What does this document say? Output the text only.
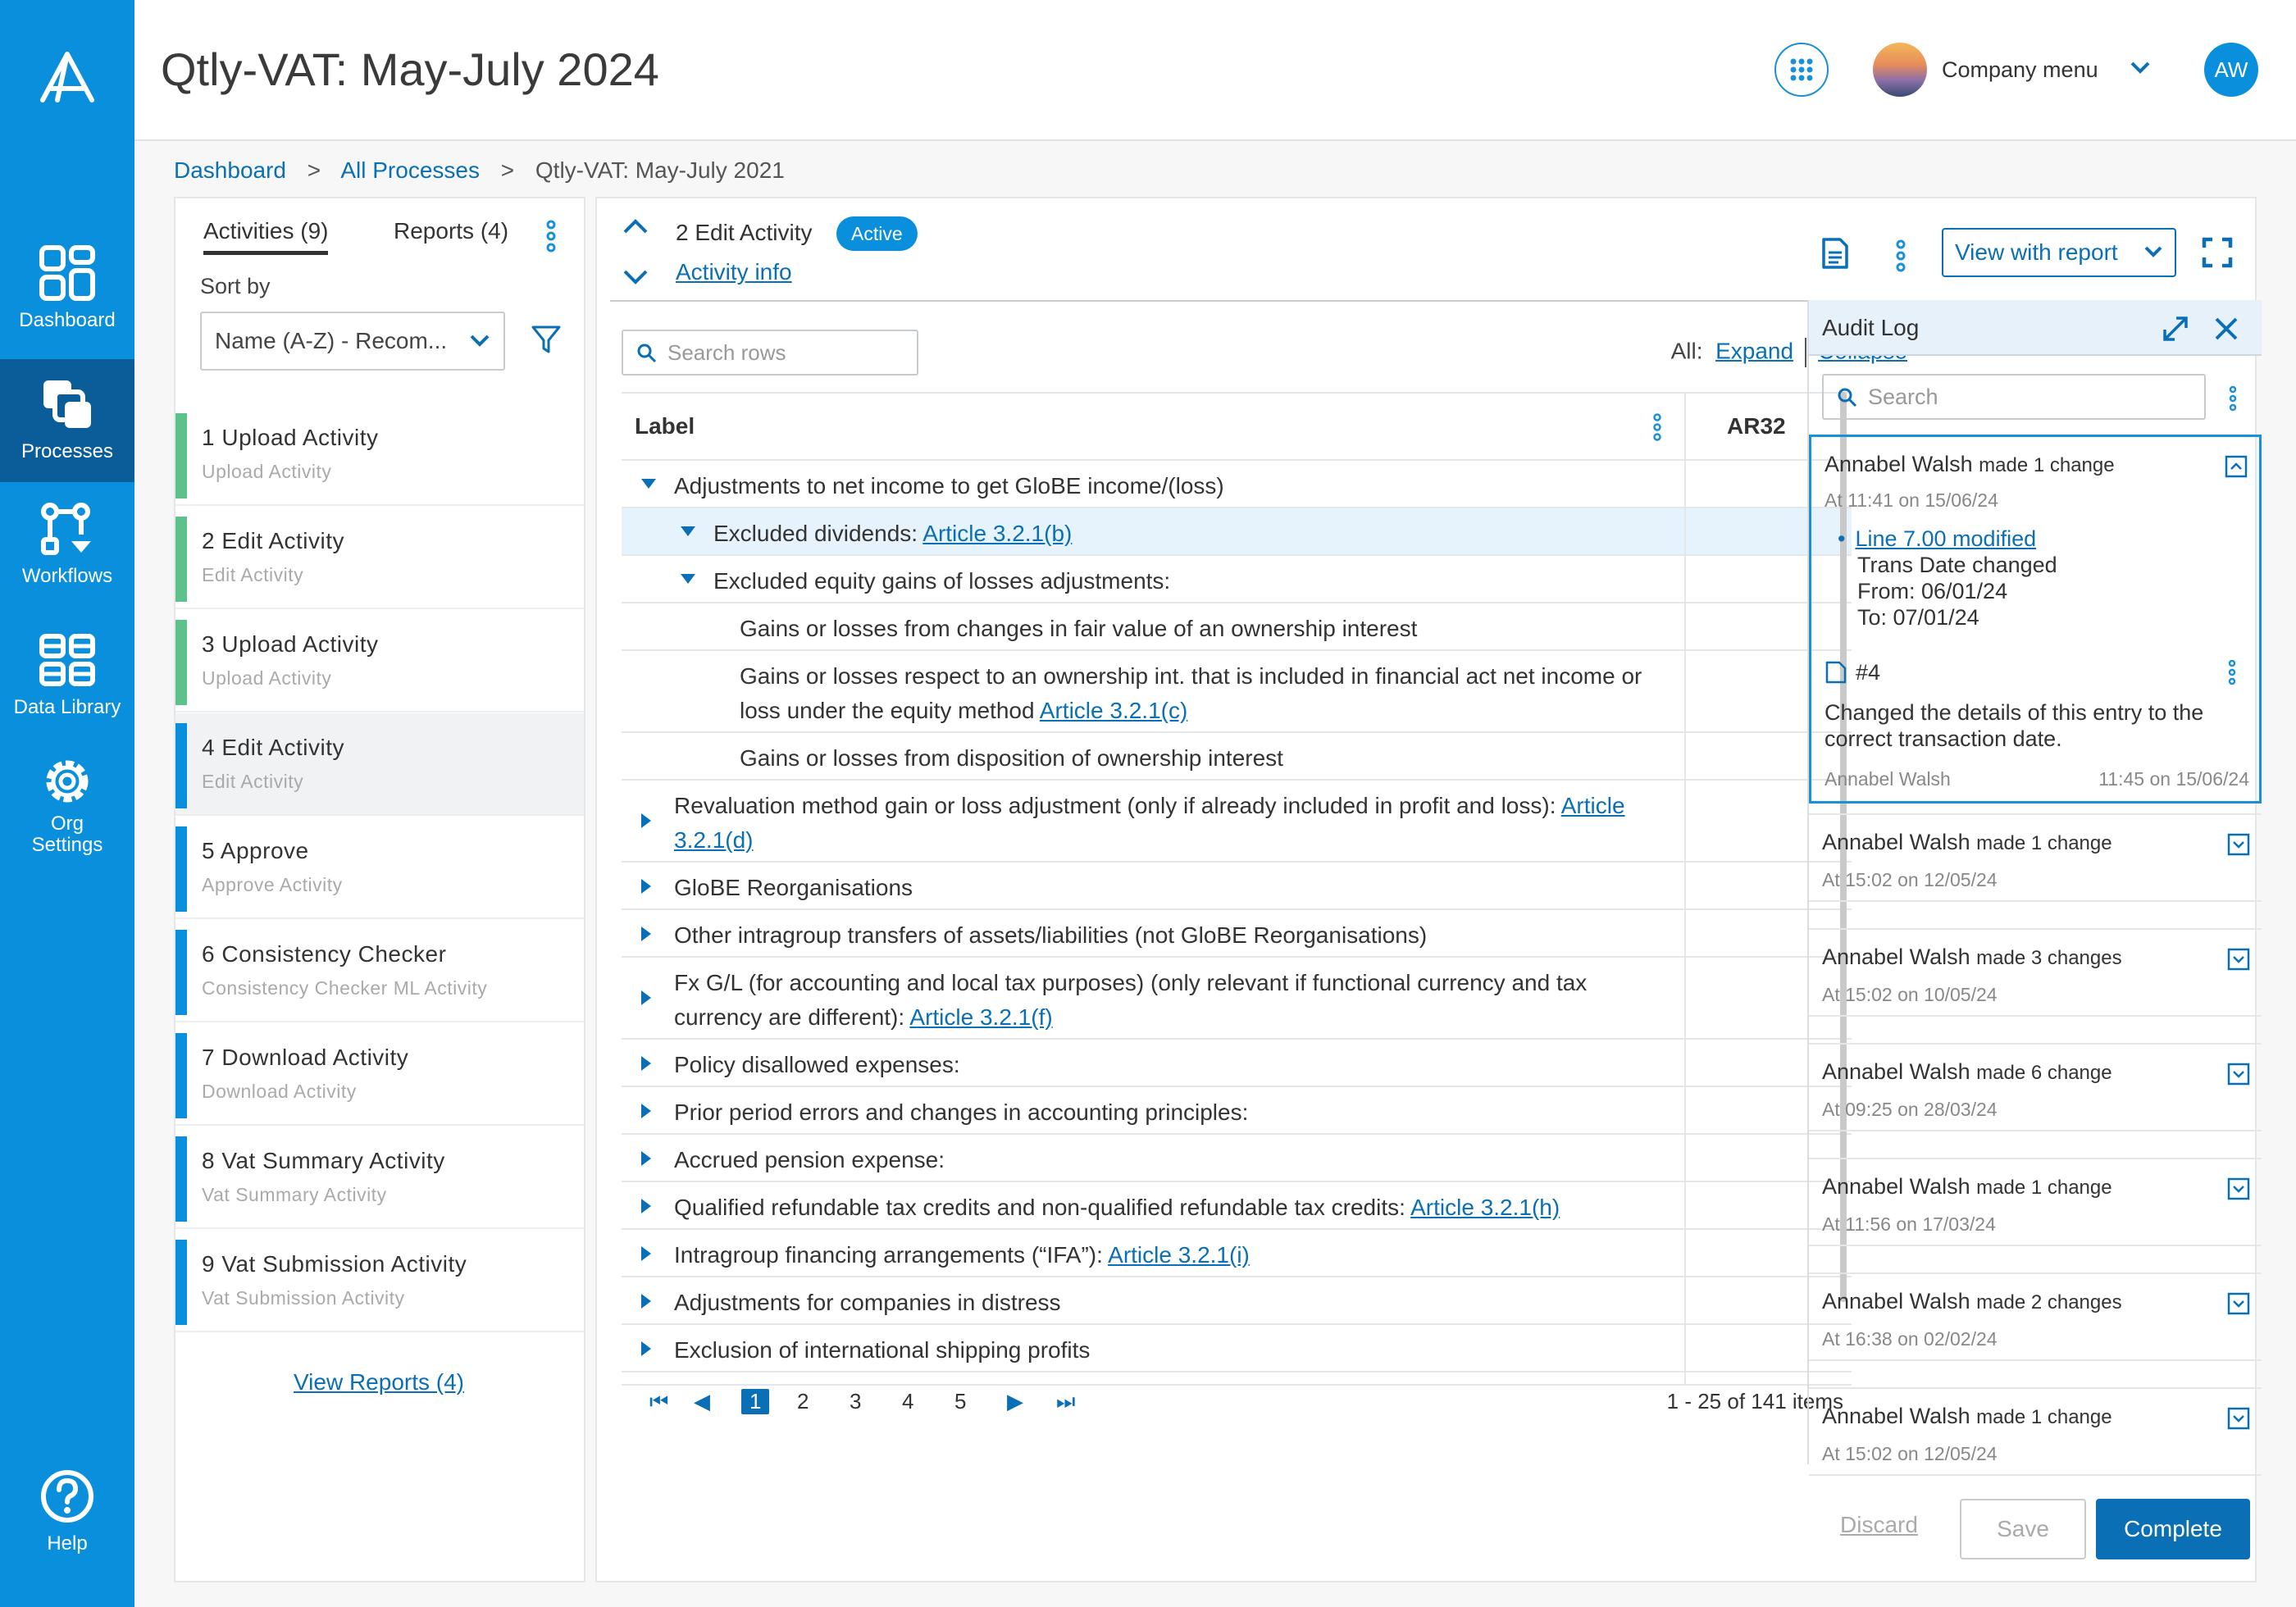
Dashboard
Processes
Workflows
Data Library
Org
Settings
Help
Qtly-VAT: May-July 2024	Company menu	AW
Dashboard > All Processes > Qtly-VAT: May-July 2021
Activities (9)	Reports (4)
Sort by
Name (A-Z) - Recom...
1 Upload Activity
Upload Activity
2 Edit Activity
Edit Activity
3 Upload Activity
Upload Activity
4 Edit Activity
Edit Activity
5 Approve
Approve Activity
6 Consistency Checker
Consistency Checker ML Activity
7 Download Activity
Download Activity
8 Vat Summary Activity
Vat Summary Activity
9 Vat Submission Activity
Vat Submission Activity
View Reports (4)
2 Edit Activity	Active
Activity info
View with report
Search rows	All: Expand
Label	AR32
Adjustments to net income to get GloBE income/(loss)
Excluded dividends: Article 3.2.1(b)
Excluded equity gains of losses adjustments:
Gains or losses from changes in fair value of an ownership interest
Gains or losses respect to an ownership int. that is included in financial act net income or loss under the equity method Article 3.2.1(c)
Gains or losses from disposition of ownership interest
Revaluation method gain or loss adjustment (only if already included in profit and loss): Article 3.2.1(d)
GloBE Reorganisations
Other intragroup transfers of assets/liabilities (not GloBE Reorganisations)
Fx G/L (for accounting and local tax purposes) (only relevant if functional currency and tax currency are different): Article 3.2.1(f)
Policy disallowed expenses:
Prior period errors and changes in accounting principles:
Accrued pension expense:
Qualified refundable tax credits and non-qualified refundable tax credits: Article 3.2.1(h)
Intragroup financing arrangements (“IFA”): Article 3.2.1(i)
Adjustments for companies in distress
Exclusion of international shipping profits
⏮ ◀	1	2 3 4 5 ▶ ⏭	1 - 25 of 141 items
Audit Log
Search
Annabel Walsh made 1 change
At 11:41 on 15/06/24
• Line 7.00 modified
Trans Date changed
From: 06/01/24
To: 07/01/24
#4
Changed the details of this entry to the correct transaction date.
Annabel Walsh	11:45 on 15/06/24
Annabel Walsh made 1 change
At 15:02 on 12/05/24
Annabel Walsh made 3 changes
At 15:02 on 10/05/24
Annabel Walsh made 6 change
At 09:25 on 28/03/24
Annabel Walsh made 1 change
At 11:56 on 17/03/24
Annabel Walsh made 2 changes
At 16:38 on 02/02/24
Annabel Walsh made 1 change
At 15:02 on 12/05/24
Discard	Save	Complete
